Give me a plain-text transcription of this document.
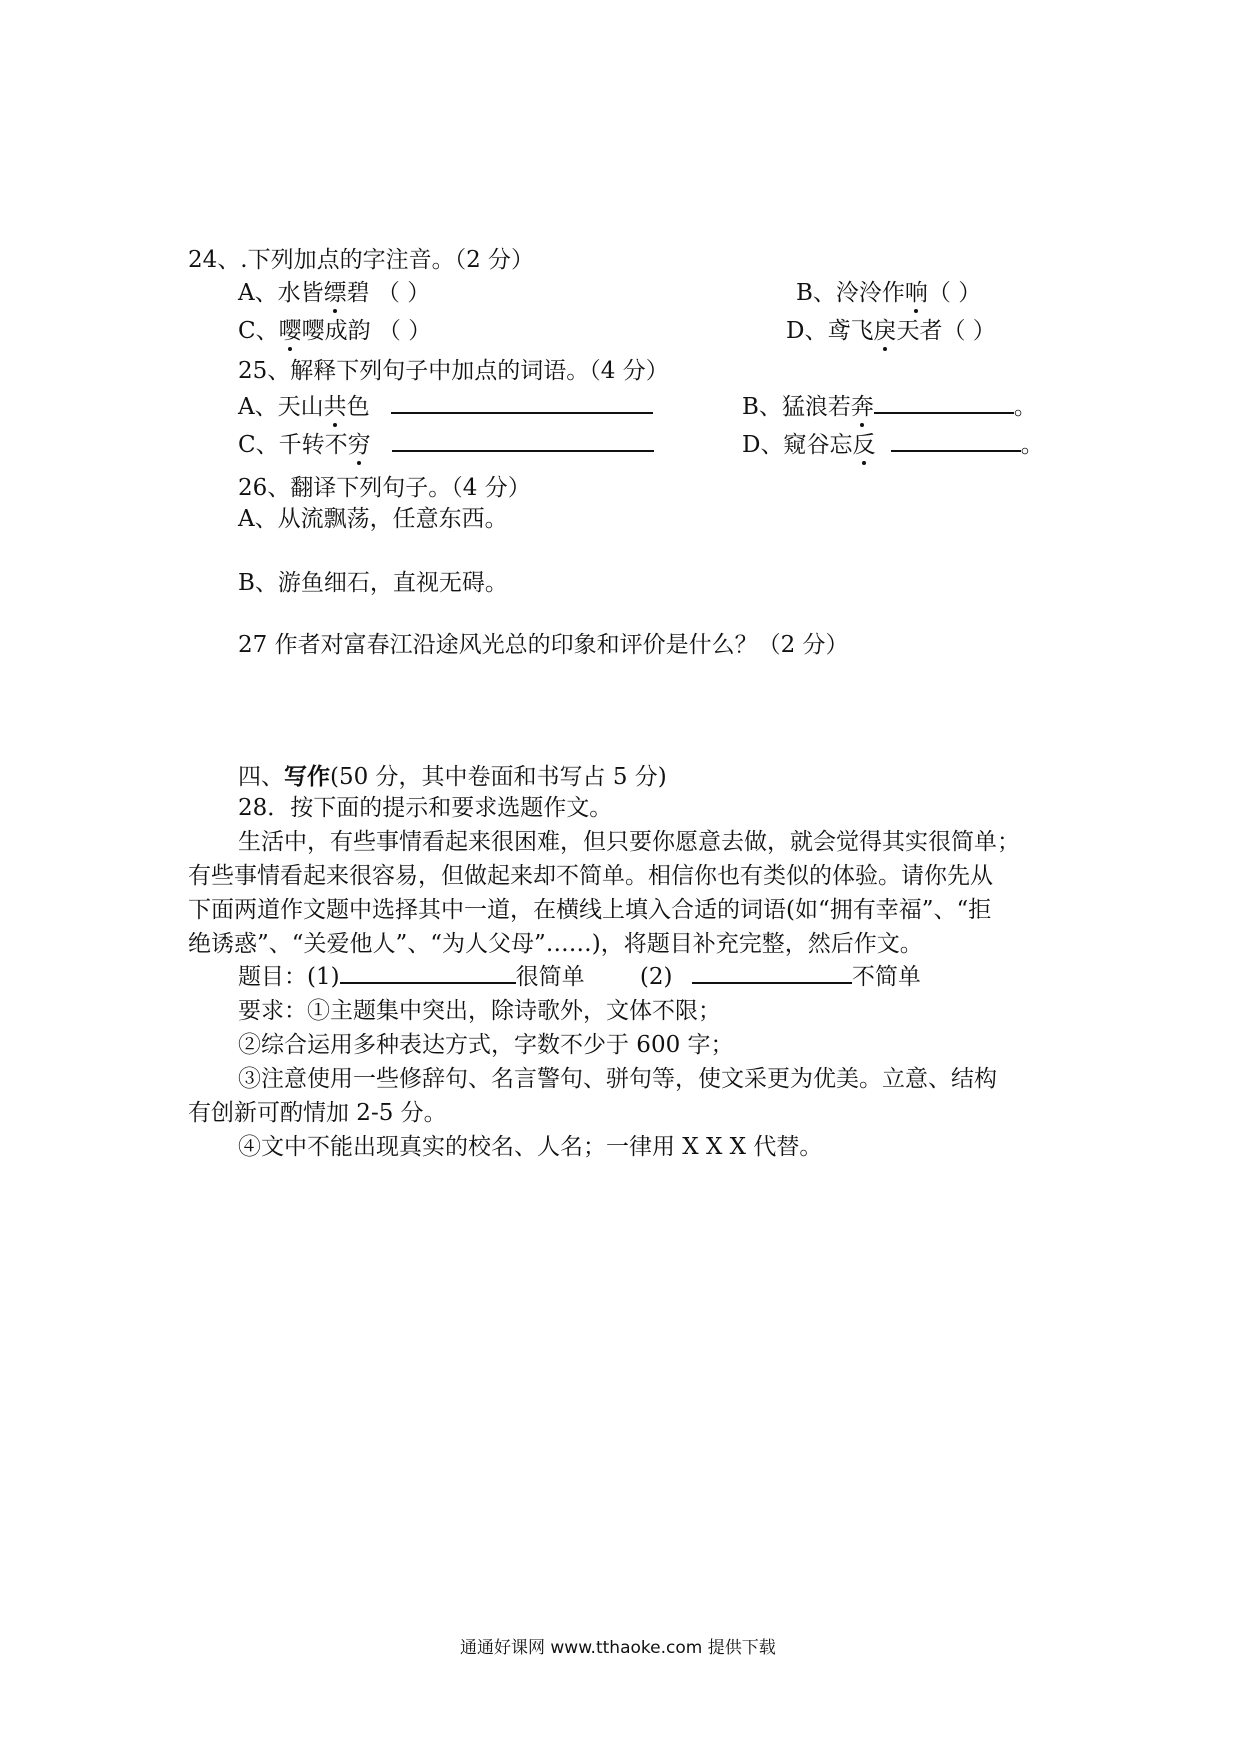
24、.下列加点的字注音。（2 分）
A、水皆缥碧 （ ）	B、泠泠作响（ ）
C、嘤嘤成韵 （ ）	D、鸢飞戾天者（ ）
25、解释下列句子中加点的词语。（4 分）
A、天山共色	B、猛浪若奔	。
C、千转不穷	D、窥谷忘反	。
26、翻译下列句子。（4 分）
A、从流飘荡，任意东西。
B、游鱼细石，直视无碍。
27 作者对富春江沿途风光总的印象和评价是什么？（2 分）
四、写作(50 分，其中卷面和书写占 5 分)
28．按下面的提示和要求选题作文。
生活中，有些事情看起来很困难，但只要你愿意去做，就会觉得其实很简单；
有些事情看起来很容易，但做起来却不简单。相信你也有类似的体验。请你先从
下面两道作文题中选择其中一道，在横线上填入合适的词语(如“拥有幸福”、“拒
绝诱惑”、“关爱他人”、“为人父母”……)，将题目补充完整，然后作文。
题目：(1)	很简单 (2)	不简单
要求：①主题集中突出，除诗歌外，文体不限；
②综合运用多种表达方式，字数不少于 600 字；
③注意使用一些修辞句、名言警句、骈句等，使文采更为优美。立意、结构
有创新可酌情加 2-5 分。
④文中不能出现真实的校名、人名；一律用 X X X 代替。
通通好课网 www.tthaoke.com 提供下载
